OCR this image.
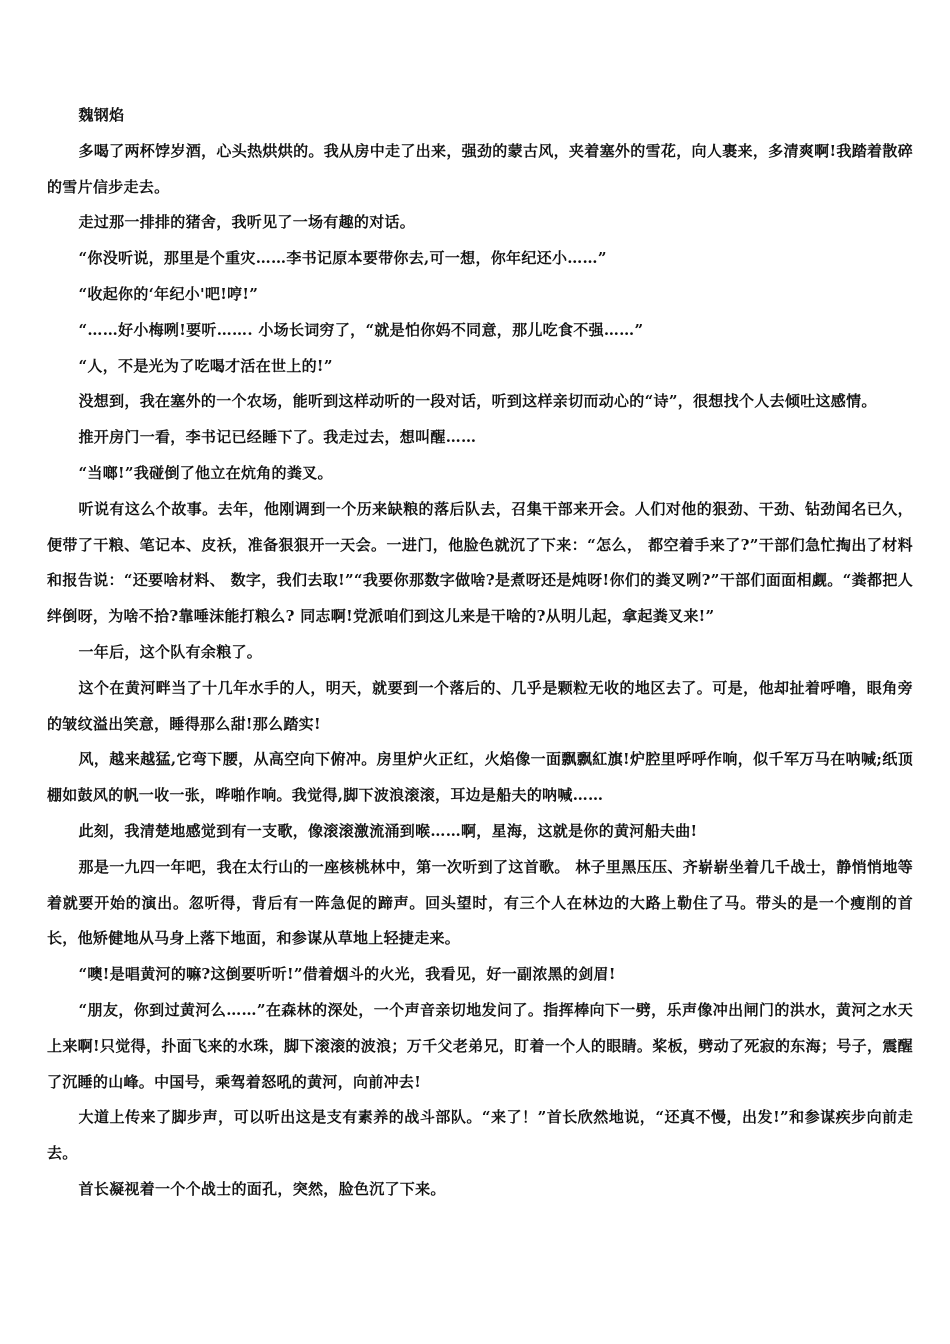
魏钢焰

多喝了两杯饽岁酒，心头热烘烘的。我从房中走了出来，强劲的蒙古风，夹着塞外的雪花，向人裹来，多清爽啊!我踏着散碎的雪片信步走去。

走过那一排排的猪舍，我听见了一场有趣的对话。

“你没听说，那里是个重灾……李书记原本要带你去,可一想，你年纪还小……”

“收起你的‘年纪小'吧!哼!”

“……好小梅咧!要听……. 小场长词穷了，“就是怕你妈不同意，那儿吃食不强……”

“人，不是光为了吃喝才活在世上的!”

没想到，我在塞外的一个农场，能听到这样动听的一段对话，听到这样亲切而动心的“诗”，很想找个人去倾吐这感情。

推开房门一看，李书记已经睡下了。我走过去，想叫醒……

“当啷!”我碰倒了他立在炕角的粪叉。

听说有这么个故事。去年，他刚调到一个历来缺粮的落后队去，召集干部来开会。人们对他的狠劲、干劲、钻劲闻名已久，便带了干粮、笔记本、皮袄，准备狠狠开一天会。一进门，他脸色就沉了下来：“怎么， 都空着手来了?”干部们急忙掏出了材料和报告说：“还要啥材料、 数字，我们去取!”“我要你那数字做啥?是煮呀还是炖呀!你们的粪叉咧?”干部们面面相觑。“粪都把人绊倒呀，为啥不拾?靠唾沫能打粮么? 同志啊!党派咱们到这儿来是干啥的?从明儿起，拿起粪叉来!”

一年后，这个队有余粮了。

这个在黄河畔当了十几年水手的人，明天，就要到一个落后的、几乎是颗粒无收的地区去了。可是，他却扯着呼噜，眼角旁的皱纹溢出笑意，睡得那么甜!那么踏实!

风，越来越猛,它弯下腰，从高空向下俯冲。房里炉火正红，火焰像一面飘飘紅旗!炉腔里呼呼作响，似千军万马在呐喊;纸顶棚如鼓风的帆一收一张，哗啪作响。我觉得,脚下波浪滚滚，耳边是船夫的呐喊……

此刻，我清楚地感觉到有一支歌，像滚滚激流涌到喉……啊，星海，这就是你的黄河船夫曲!

那是一九四一年吧，我在太行山的一座核桃林中，第一次听到了这首歌。 林子里黑压压、齐崭崭坐着几千战士，静悄悄地等着就要开始的演出。忽听得，背后有一阵急促的蹄声。回头望时，有三个人在林边的大路上勒住了马。带头的是一个瘦削的首长，他矫健地从马身上落下地面，和参谋从草地上轻捷走来。

“噢!是唱黄河的嘛?这倒要听听!”借着烟斗的火光，我看见，好一副浓黑的剑眉!

“朋友，你到过黄河么……”在森林的深处，一个声音亲切地发问了。指挥棒向下一劈，乐声像冲出闸门的洪水，黄河之水天上来啊!只觉得，扑面飞来的水珠，脚下滚滚的波浪；万千父老弟兄，盯着一个人的眼睛。桨板，劈动了死寂的东海；号子，震醒了沉睡的山峰。中国号，乘驾着怒吼的黄河，向前冲去!

大道上传来了脚步声，可以听出这是支有素养的战斗部队。“来了！”首长欣然地说，“还真不慢，出发!”和参谋疾步向前走去。

首长凝视着一个个战士的面孔，突然，脸色沉了下来。
